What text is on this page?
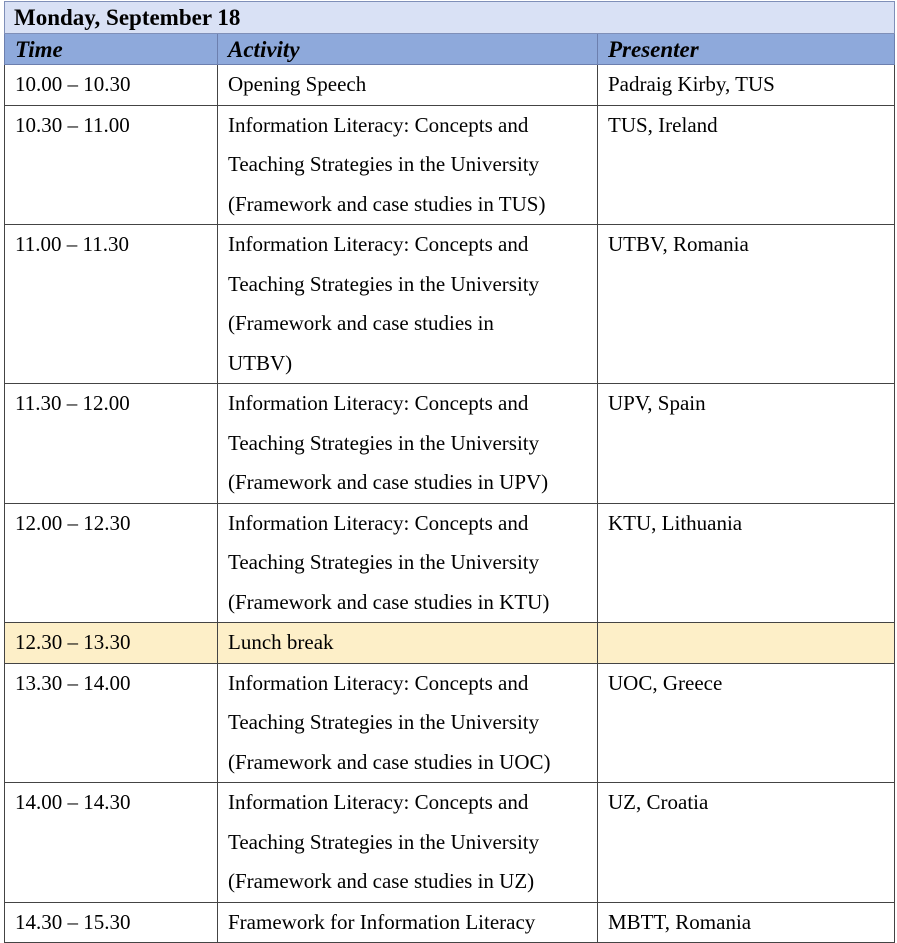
Monday, September 18		
Time	Activity	Presenter
10.00 – 10.30	Opening Speech	Padraig Kirby, TUS
10.30 – 11.00	Information Literacy: Concepts and
Teaching Strategies in the University
(Framework and case studies in TUS)	TUS, Ireland
11.00 – 11.30	Information Literacy: Concepts and
Teaching Strategies in the University
(Framework and case studies in
UTBV)	UTBV, Romania
11.30 – 12.00	Information Literacy: Concepts and
Teaching Strategies in the University
(Framework and case studies in UPV)	UPV, Spain
12.00 – 12.30	Information Literacy: Concepts and
Teaching Strategies in the University
(Framework and case studies in KTU)	KTU, Lithuania
12.30 – 13.30	Lunch break	

13.30 – 14.00	Information Literacy: Concepts and
Teaching Strategies in the University
(Framework and case studies in UOC)	UOC, Greece
14.00 – 14.30	Information Literacy: Concepts and
Teaching Strategies in the University
(Framework and case studies in UZ)	UZ, Croatia
14.30 – 15.30	Framework for Information Literacy	MBTT, Romania
